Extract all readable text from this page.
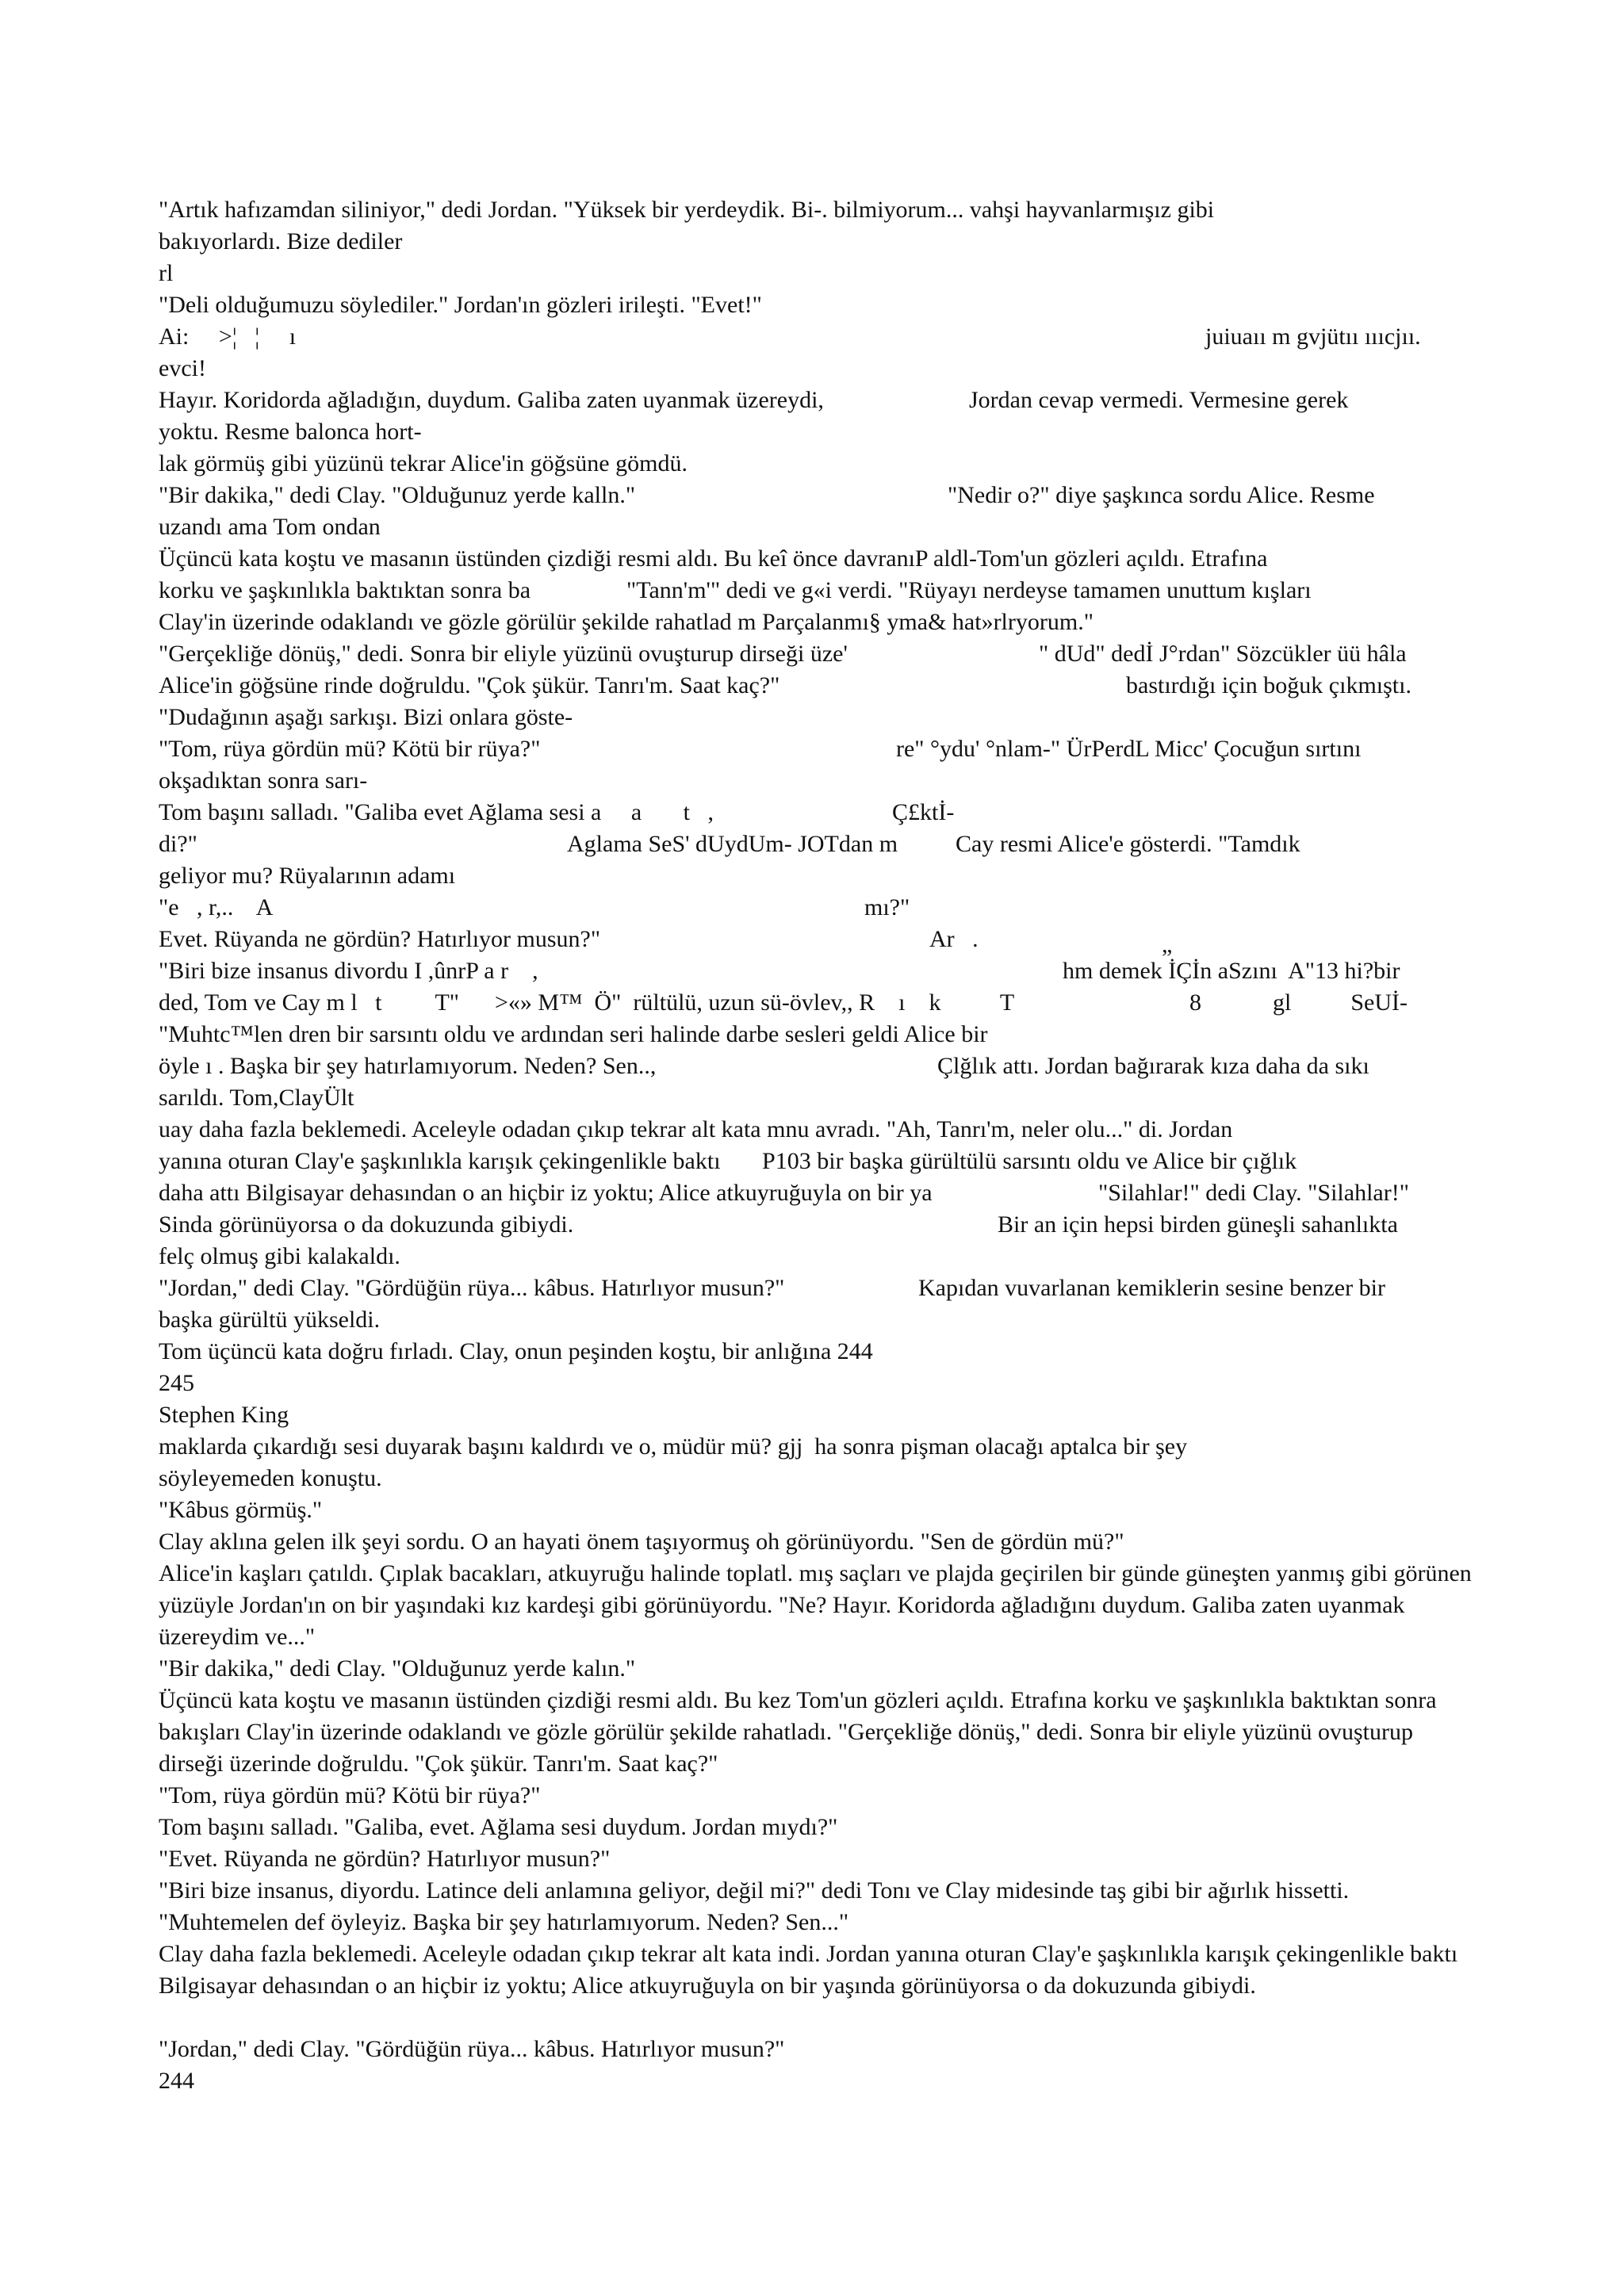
"Artık hafızamdan siliniyor," dedi Jordan. "Yüksek bir yerdeydik. Bi-. bilmiyorum... vahşi hayvanlarmışız gibi
bakıyorlardı. Bize dediler
rl
"Deli olduğumuzu söylediler." Jordan'ın gözleri irileşti. "Evet!"
Ai:     >¦   ¦     ı	juiuaıı m gvjütıı ıııcjıı.
evci!
Hayır. Koridorda ağladığın, duydum. Galiba zaten uyanmak üzereydi,	Jordan cevap vermedi. Vermesine gerek
yoktu. Resme balonca hort-
lak görmüş gibi yüzünü tekrar Alice'in göğsüne gömdü.
"Bir dakika," dedi Clay. "Olduğunuz yerde kalln."	"Nedir o?" diye şaşkınca sordu Alice. Resme
uzandı ama Tom ondan
Üçüncü kata koştu ve masanın üstünden çizdiği resmi aldı. Bu keî önce davranıP aldl-Tom'un gözleri açıldı. Etrafına
korku ve şaşkınlıkla baktıktan sonra ba	"Tann'm'" dedi ve g«i verdi. "Rüyayı nerdeyse tamamen unuttum kışları
Clay'in üzerinde odaklandı ve gözle görülür şekilde rahatlad m Parçalanmı§ yma& hat»rlryorum."
"Gerçekliğe dönüş," dedi. Sonra bir eliyle yüzünü ovuşturup dirseği üze'	" dUd" dedİ J°rdan" Sözcükler üü hâla
Alice'in göğsüne rinde doğruldu. "Çok şükür. Tanrı'm. Saat kaç?"	bastırdığı için boğuk çıkmıştı.
"Dudağının aşağı sarkışı. Bizi onlara göste-
"Tom, rüya gördün mü? Kötü bir rüya?"	re" °ydu' °nlam-" ÜrPerdL Micc' Çocuğun sırtını
okşadıktan sonra sarı-
Tom başını salladı. "Galiba evet Ağlama sesi a     a       t   ,	Ç£ktİ-
di?"	Aglama SeS' dUydUm- JOTdan m Cay resmi Alice'e gösterdi. "Tamdık
geliyor mu? Rüyalarının adamı
"e   , r,..    A	mı?"
Evet. Rüyanda ne gördün? Hatırlıyor musun?"	Ar   .	„
"Biri bize insanus divordu I ,ûnrP a r    ,	hm demek İÇİn aSzını  A"13 hi?bir
ded, Tom ve Cay m l   t         T"      >«» M™  Ö"  rültülü, uzun sü-övlev,, R    ı    k          T	8            gl          SeUİ-
"Muhtc™len dren bir sarsıntı oldu ve ardından seri halinde darbe sesleri geldi Alice bir
öyle ı . Başka bir şey hatırlamıyorum. Neden? Sen..,	Çlğlık attı. Jordan bağırarak kıza daha da sıkı
sarıldı. Tom,ClayÜlt
uay daha fazla beklemedi. Aceleyle odadan çıkıp tekrar alt kata mnu avradı. "Ah, Tanrı'm, neler olu..." di. Jordan
yanına oturan Clay'e şaşkınlıkla karışık çekingenlikle baktı       P103 bir başka gürültülü sarsıntı oldu ve Alice bir çığlık
daha attı Bilgisayar dehasından o an hiçbir iz yoktu; Alice atkuyruğuyla on bir ya	"Silahlar!" dedi Clay. "Silahlar!"
Sinda görünüyorsa o da dokuzunda gibiydi.	Bir an için hepsi birden güneşli sahanlıkta
felç olmuş gibi kalakaldı.
"Jordan," dedi Clay. "Gördüğün rüya... kâbus. Hatırlıyor musun?"	Kapıdan vuvarlanan kemiklerin sesine benzer bir
başka gürültü yükseldi.
Tom üçüncü kata doğru fırladı. Clay, onun peşinden koştu, bir anlığına 244
245
Stephen King
maklarda çıkardığı sesi duyarak başını kaldırdı ve o, müdür mü? gjj  ha sonra pişman olacağı aptalca bir şey
söyleyemeden konuştu.
"Kâbus görmüş."
Clay aklına gelen ilk şeyi sordu. O an hayati önem taşıyormuş oh görünüyordu. "Sen de gördün mü?"
Alice'in kaşları çatıldı. Çıplak bacakları, atkuyruğu halinde toplatl. mış saçları ve plajda geçirilen bir günde güneşten yanmış gibi görünen yüzüyle Jordan'ın on bir yaşındaki kız kardeşi gibi görünüyordu. "Ne? Hayır. Koridorda ağladığını duydum. Galiba zaten uyanmak üzereydim ve..."
"Bir dakika," dedi Clay. "Olduğunuz yerde kalın."
Üçüncü kata koştu ve masanın üstünden çizdiği resmi aldı. Bu kez Tom'un gözleri açıldı. Etrafına korku ve şaşkınlıkla baktıktan sonra bakışları Clay'in üzerinde odaklandı ve gözle görülür şekilde rahatladı. "Gerçekliğe dönüş," dedi. Sonra bir eliyle yüzünü ovuşturup dirseği üzerinde doğruldu. "Çok şükür. Tanrı'm. Saat kaç?"
"Tom, rüya gördün mü? Kötü bir rüya?"
Tom başını salladı. "Galiba, evet. Ağlama sesi duydum. Jordan mıydı?"
"Evet. Rüyanda ne gördün? Hatırlıyor musun?"
"Biri bize insanus, diyordu. Latince deli anlamına geliyor, değil mi?" dedi Tonı ve Clay midesinde taş gibi bir ağırlık hissetti. "Muhtemelen def öyleyiz. Başka bir şey hatırlamıyorum. Neden? Sen..."
Clay daha fazla beklemedi. Aceleyle odadan çıkıp tekrar alt kata indi. Jordan yanına oturan Clay'e şaşkınlıkla karışık çekingenlikle baktı Bilgisayar dehasından o an hiçbir iz yoktu; Alice atkuyruğuyla on bir yaşında görünüyorsa o da dokuzunda gibiydi.
"Jordan," dedi Clay. "Gördüğün rüya... kâbus. Hatırlıyor musun?"
244
